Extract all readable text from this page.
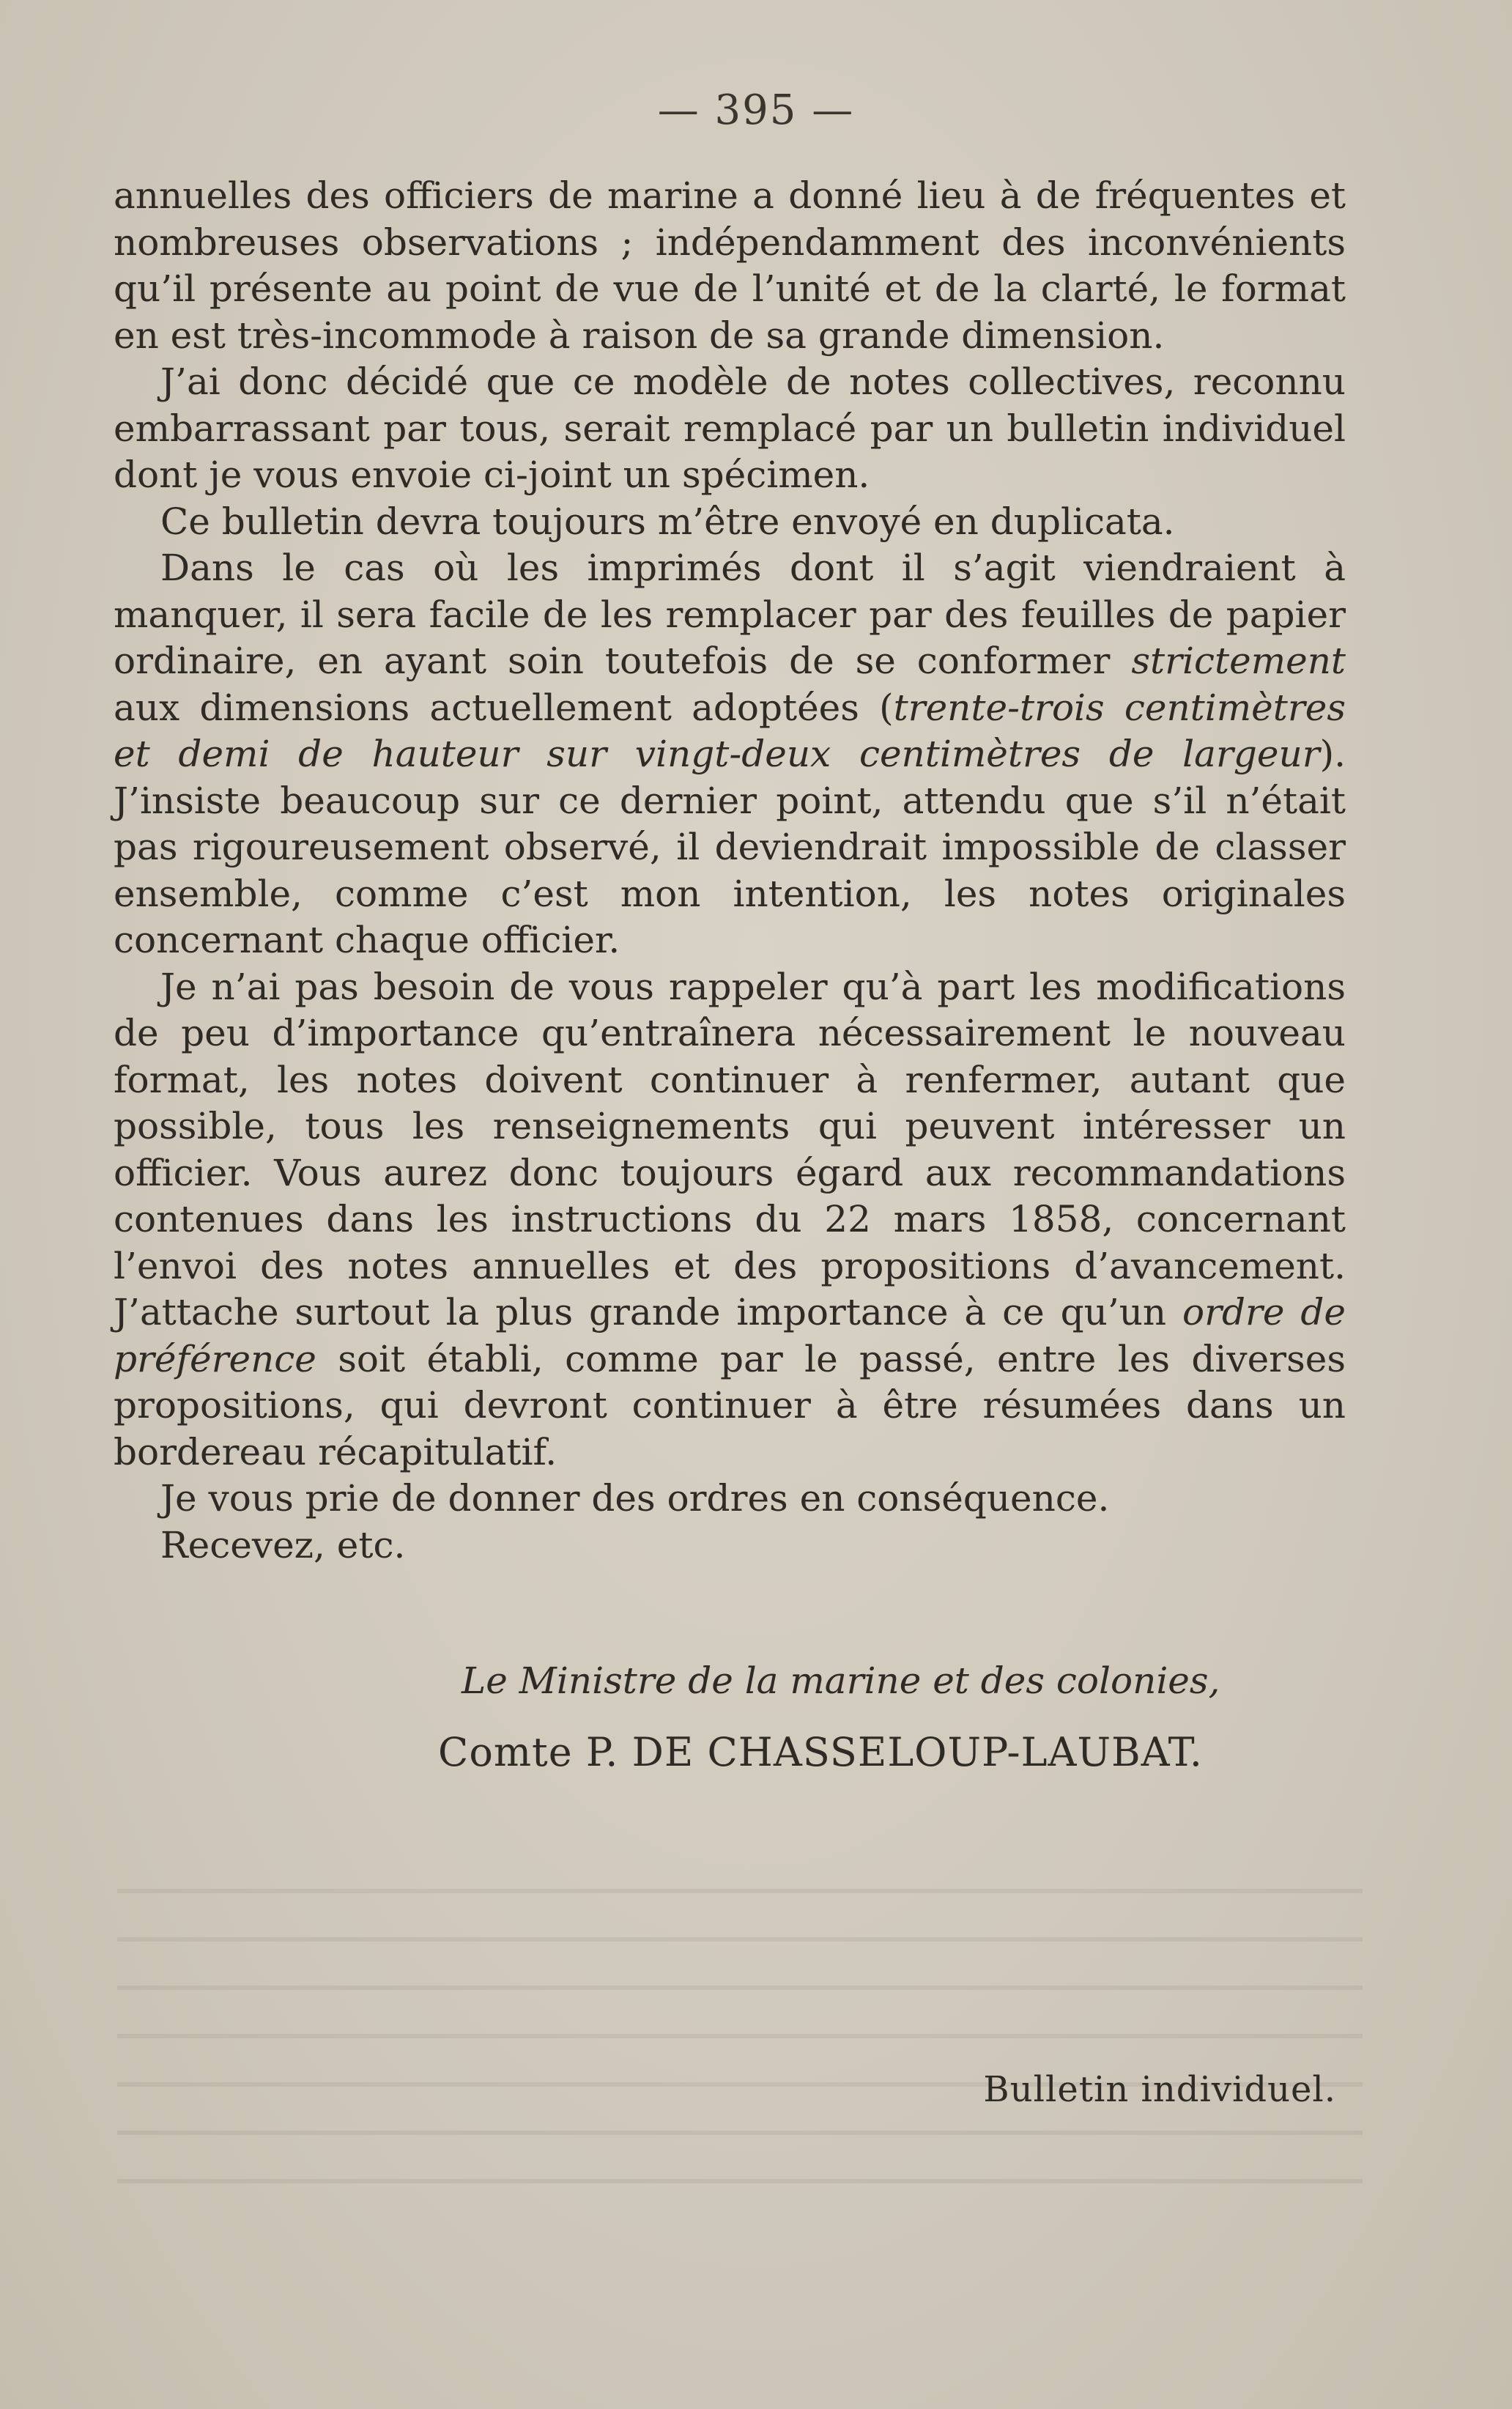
— 395 —

annuelles des officiers de marine a donné lieu à de fréquentes et nombreuses observations ; indépendamment des inconvénients qu’il présente au point de vue de l’unité et de la clarté, le format en est très-incommode à raison de sa grande dimension.

J’ai donc décidé que ce modèle de notes collectives, reconnu embarrassant par tous, serait remplacé par un bulletin individuel dont je vous envoie ci-joint un spécimen.

Ce bulletin devra toujours m’être envoyé en duplicata.

Dans le cas où les imprimés dont il s’agit viendraient à manquer, il sera facile de les remplacer par des feuilles de papier ordinaire, en ayant soin toutefois de se conformer strictement aux dimensions actuellement adoptées (trente-trois centimètres et demi de hauteur sur vingt-deux centimètres de largeur). J’insiste beaucoup sur ce dernier point, attendu que s’il n’était pas rigoureusement observé, il deviendrait impossible de classer ensemble, comme c’est mon intention, les notes originales concernant chaque officier.

Je n’ai pas besoin de vous rappeler qu’à part les modifications de peu d’importance qu’entraînera nécessairement le nouveau format, les notes doivent continuer à renfermer, autant que possible, tous les renseignements qui peuvent intéresser un officier. Vous aurez donc toujours égard aux recommandations contenues dans les instructions du 22 mars 1858, concernant l’envoi des notes annuelles et des propositions d’avancement. J’attache surtout la plus grande importance à ce qu’un ordre de préférence soit établi, comme par le passé, entre les diverses propositions, qui devront continuer à être résumées dans un bordereau récapitulatif.

Je vous prie de donner des ordres en conséquence.

Recevez, etc.

Le Ministre de la marine et des colonies,
Comte P. DE CHASSELOUP-LAUBAT.
Bulletin individuel.
